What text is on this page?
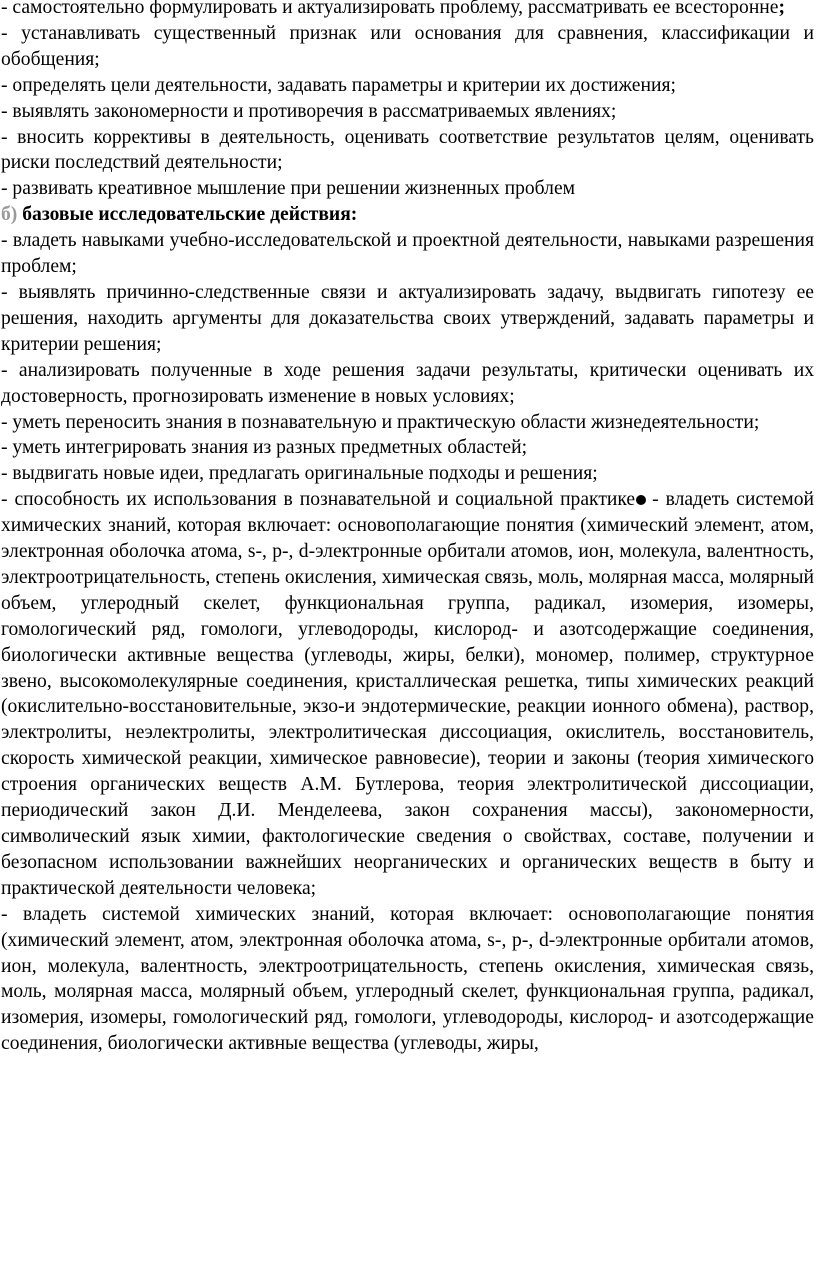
- самостоятельно формулировать и актуализировать проблему, рассматривать ее всесторонне;

- устанавливать существенный признак или основания для сравнения, классификации и обобщения;

- определять цели деятельности, задавать параметры и критерии их достижения;

- выявлять закономерности и противоречия в рассматриваемых явлениях;

- вносить коррективы в деятельность, оценивать соответствие результатов целям, оценивать риски последствий деятельности;

- развивать креативное мышление при решении жизненных проблем

б) базовые исследовательские действия:

- владеть навыками учебно-исследовательской и проектной деятельности, навыками разрешения проблем;

- выявлять причинно-следственные связи и актуализировать задачу, выдвигать гипотезу ее решения, находить аргументы для доказательства своих утверждений, задавать параметры и критерии решения;

- анализировать полученные в ходе решения задачи результаты, критически оценивать их достоверность, прогнозировать изменение в новых условиях;

- уметь переносить знания в познавательную и практическую области жизнедеятельности;

- уметь интегрировать знания из разных предметных областей;

- выдвигать новые идеи, предлагать оригинальные подходы и решения;

- способность их использования в познавательной и социальной практике - владеть системой химических знаний, которая включает: основополагающие понятия (химический элемент, атом, электронная оболочка атома, s-, p-, d-электронные орбитали атомов, ион, молекула, валентность, электроотрицательность, степень окисления, химическая связь, моль, молярная масса, молярный объем, углеродный скелет, функциональная группа, радикал, изомерия, изомеры, гомологический ряд, гомологи, углеводороды, кислород- и азотсодержащие соединения, биологически активные вещества (углеводы, жиры, белки), мономер, полимер, структурное звено, высокомолекулярные соединения, кристаллическая решетка, типы химических реакций (окислительно-восстановительные, экзо-и эндотермические, реакции ионного обмена), раствор, электролиты, неэлектролиты, электролитическая диссоциация, окислитель, восстановитель, скорость химической реакции, химическое равновесие), теории и законы (теория химического строения органических веществ А.М. Бутлерова, теория электролитической диссоциации, периодический закон Д.И. Менделеева, закон сохранения массы), закономерности, символический язык химии, фактологические сведения о свойствах, составе, получении и безопасном использовании важнейших неорганических и органических веществ в быту и практической деятельности человека;

- владеть системой химических знаний, которая включает: основополагающие понятия (химический элемент, атом, электронная оболочка атома, s-, p-, d-электронные орбитали атомов, ион, молекула, валентность, электроотрицательность, степень окисления, химическая связь, моль, молярная масса, молярный объем, углеродный скелет, функциональная группа, радикал, изомерия, изомеры, гомологический ряд, гомологи, углеводороды, кислород- и азотсодержащие соединения, биологически активные вещества (углеводы, жиры,
